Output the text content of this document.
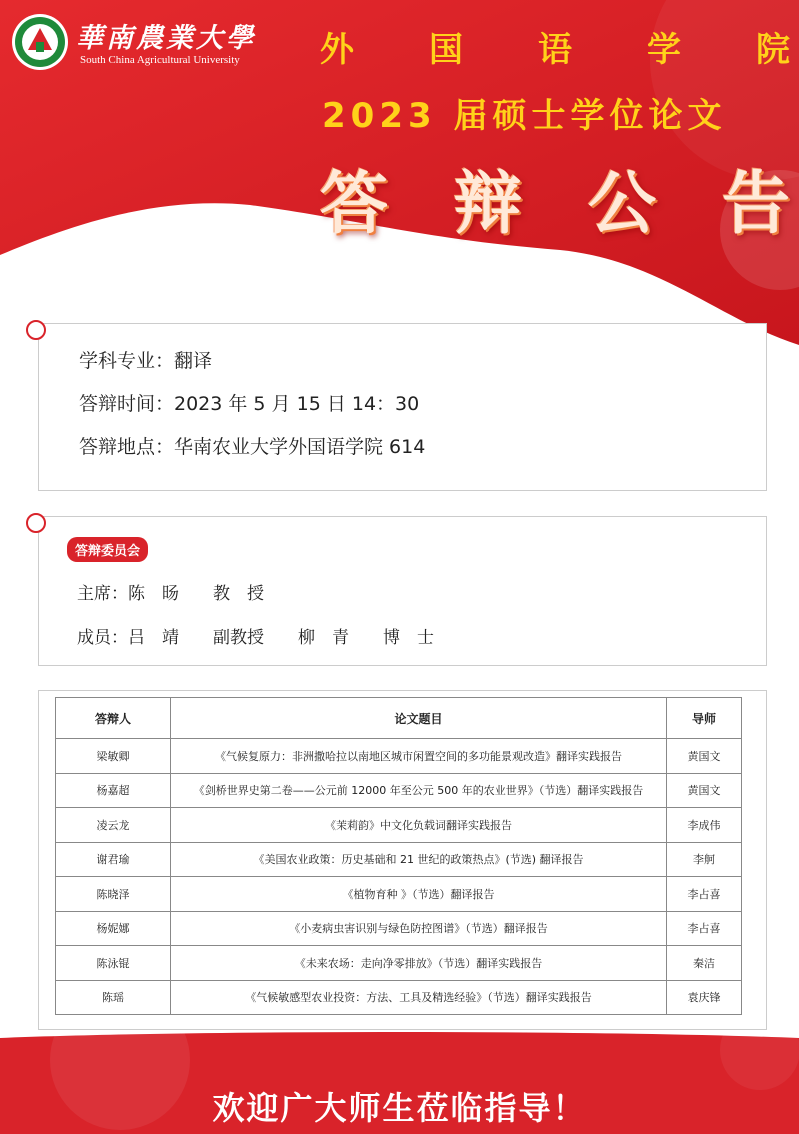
華南農業大學
South China Agricultural University 外 国 语 学 院
2023 届硕士学位论文
答 辩 公 告
学科专业：翻译
答辩时间：2023 年 5 月 15 日 14：30
答辩地点：华南农业大学外国语学院 614
答辩委员会
主席：陈　旸　　教　授
成员：吕　靖　　副教授　　柳　青　　博　士
答辩人	论文题目	导师
梁敏卿	《气候复原力：非洲撒哈拉以南地区城市闲置空间的多功能景观改造》翻译实践报告	黄国文
杨嘉超	《剑桥世界史第二卷——公元前 12000 年至公元 500 年的农业世界》（节选）翻译实践报告	黄国文
凌云龙	《茉莉韵》中文化负载词翻译实践报告	李成伟
谢君瑜	《美国农业政策：历史基础和 21 世纪的政策热点》(节选) 翻译报告	李舸
陈晓泽	《植物育种 》（节选）翻译报告	李占喜
杨妮娜	《小麦病虫害识别与绿色防控图谱》（节选）翻译报告	李占喜
陈泳锟	《未来农场：走向净零排放》（节选）翻译实践报告	秦洁
陈瑶	《气候敏感型农业投资：方法、工具及精选经验》（节选）翻译实践报告	袁庆锋
欢迎广大师生莅临指导！
